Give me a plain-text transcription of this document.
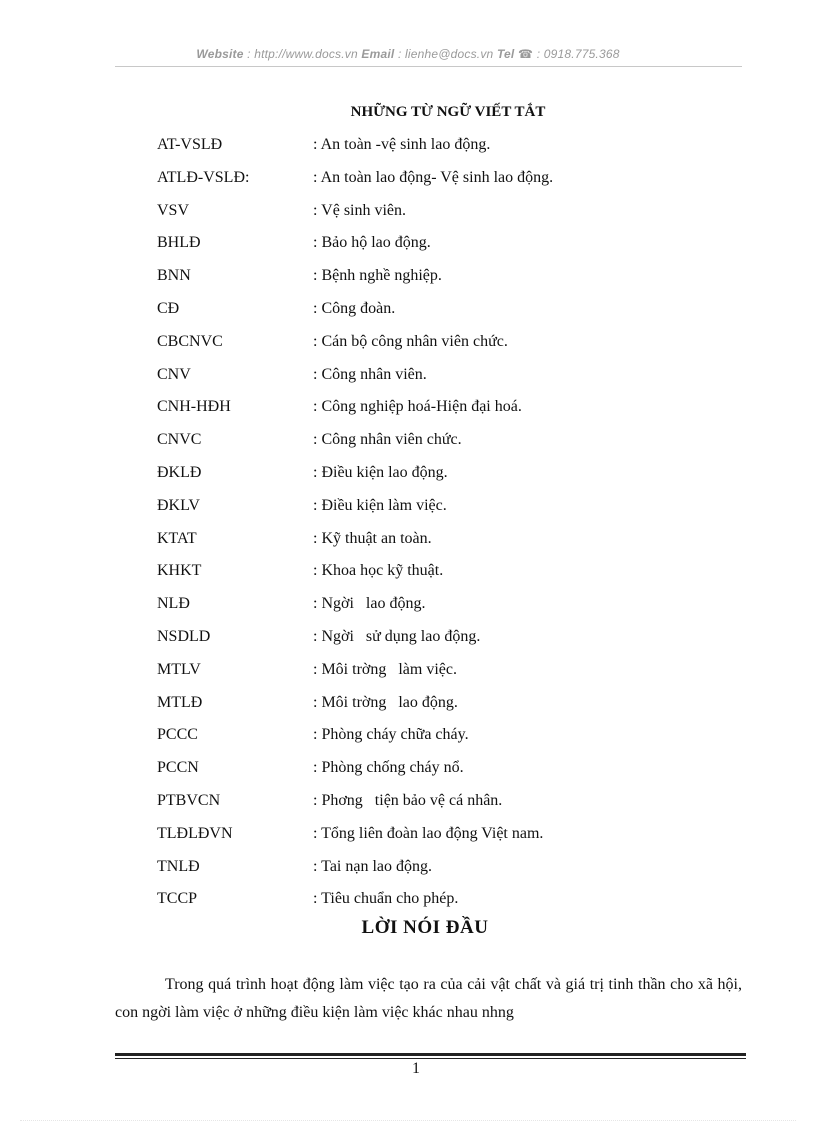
Website : http://www.docs.vn Email : lienhe@docs.vn Tel ☎ : 0918.775.368
NHỮNG TỪ NGỮ VIẾT TẮT
AT-VSLĐ	: An toàn -vệ sinh lao động.
ATLĐ-VSLĐ:	: An toàn lao động- Vệ sinh lao động.
VSV	: Vệ sinh viên.
BHLĐ	: Bảo hộ lao động.
BNN	: Bệnh nghề nghiệp.
CĐ	: Công đoàn.
CBCNVC	: Cán bộ công nhân viên chức.
CNV	: Công nhân viên.
CNH-HĐH	: Công nghiệp hoá-Hiện đại hoá.
CNVC	: Công nhân viên chức.
ĐKLĐ	: Điều kiện lao động.
ĐKLV	: Điều kiện làm việc.
KTAT	: Kỹ thuật an toàn.
KHKT	: Khoa học kỹ thuật.
NLĐ	: Ngời   lao động.
NSDLD	: Ngời   sử dụng lao động.
MTLV	: Môi trờng   làm việc.
MTLĐ	: Môi trờng   lao động.
PCCC	: Phòng cháy chữa cháy.
PCCN	: Phòng chống cháy nổ.
PTBVCN	: Phơng   tiện bảo vệ cá nhân.
TLĐLĐVN	: Tổng liên đoàn lao động Việt nam.
TNLĐ	: Tai nạn lao động.
TCCP	: Tiêu chuẩn cho phép.
LỜI NÓI ĐẦU
Trong quá trình hoạt động làm việc tạo ra của cải vật chất và giá trị tinh thần cho xã hội, con ngời làm việc ở những điều kiện làm việc khác nhau nhng
1
